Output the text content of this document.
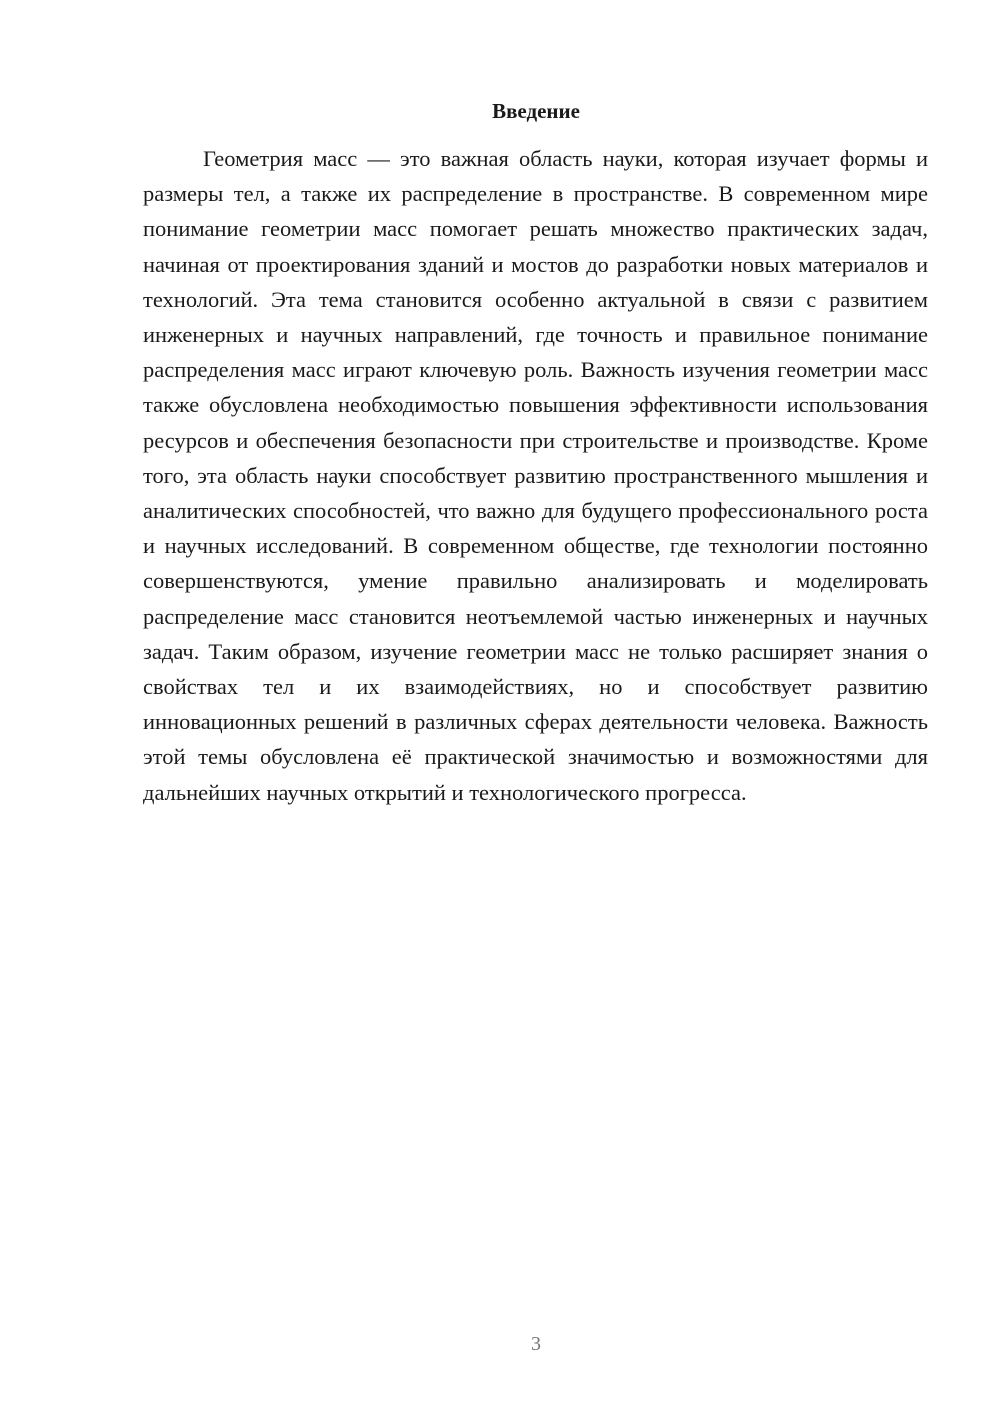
Введение

Геометрия масс — это важная область науки, которая изучает формы и размеры тел, а также их распределение в пространстве. В современном мире понимание геометрии масс помогает решать множество практических задач, начиная от проектирования зданий и мостов до разработки новых материалов и технологий. Эта тема становится особенно актуальной в связи с развитием инженерных и научных направлений, где точность и правильное понимание распределения масс играют ключевую роль. Важность изучения геометрии масс также обусловлена необходимостью повышения эффективности использования ресурсов и обеспечения безопасности при строительстве и производстве. Кроме того, эта область науки способствует развитию пространственного мышления и аналитических способностей, что важно для будущего профессионального роста и научных исследований. В современном обществе, где технологии постоянно совершенствуются, умение правильно анализировать и моделировать распределение масс становится неотъемлемой частью инженерных и научных задач. Таким образом, изучение геометрии масс не только расширяет знания о свойствах тел и их взаимодействиях, но и способствует развитию инновационных решений в различных сферах деятельности человека. Важность этой темы обусловлена её практической значимостью и возможностями для дальнейших научных открытий и технологического прогресса.

3
